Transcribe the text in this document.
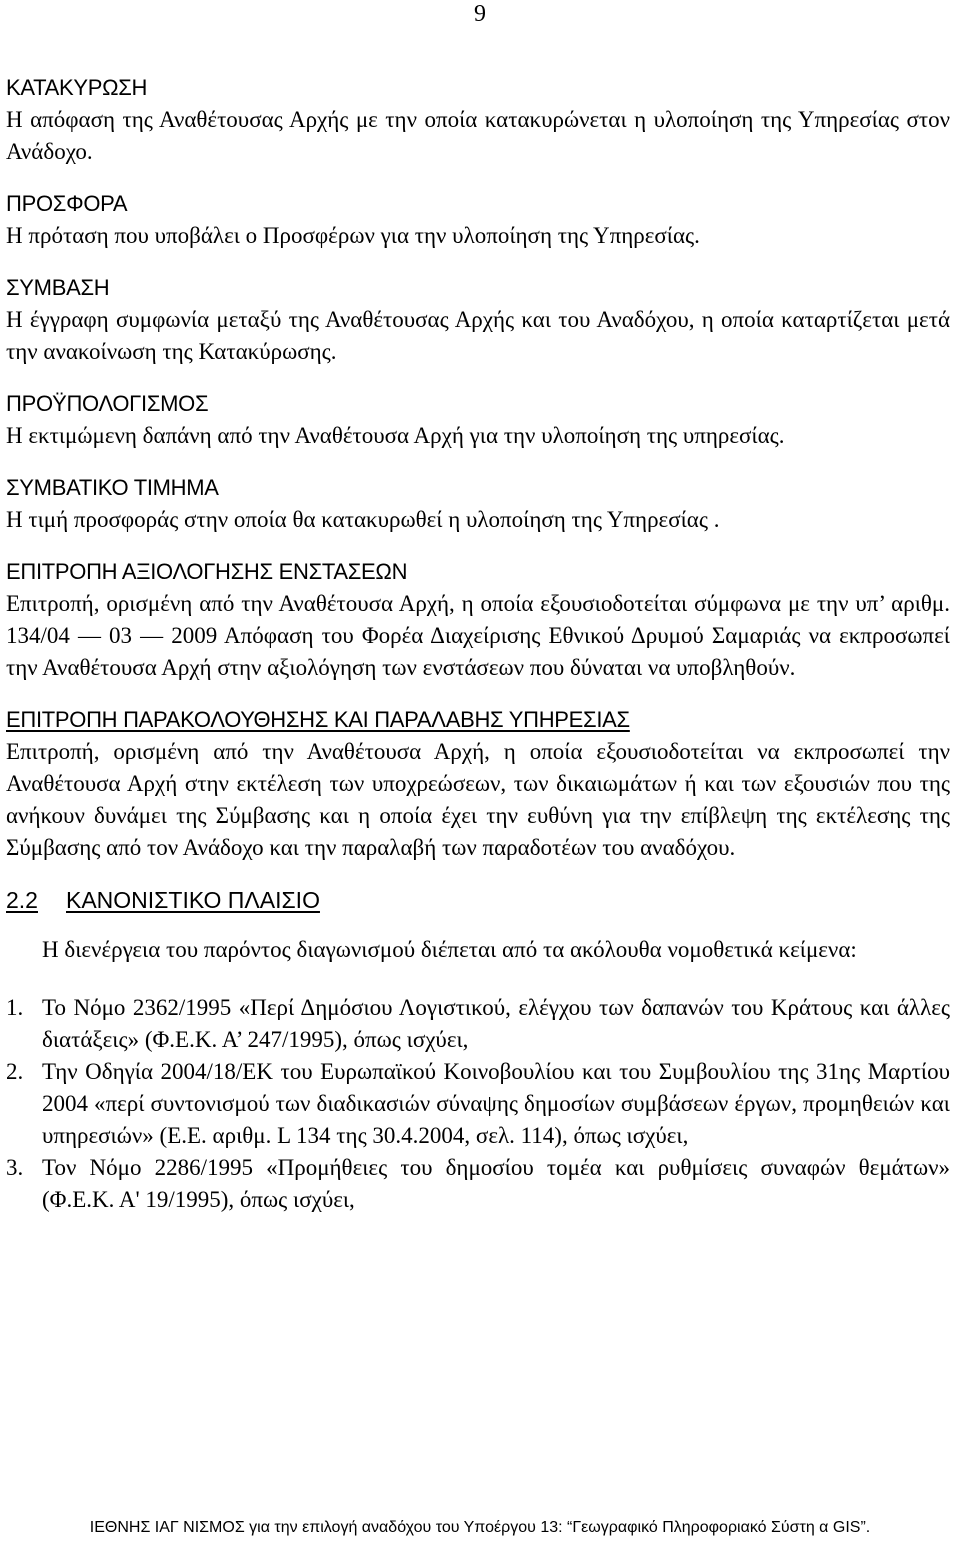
9
ΚΑΤΑΚΥΡΩΣΗ
Η απόφαση της Αναθέτουσας Αρχής με την οποία κατακυρώνεται η υλοποίηση της Υπηρεσίας στον Ανάδοχο.
ΠΡΟΣΦΟΡΑ
Η πρόταση που υποβάλει ο Προσφέρων για την υλοποίηση της Υπηρεσίας.
ΣΥΜΒΑΣΗ
Η έγγραφη συμφωνία μεταξύ της Αναθέτουσας Αρχής και του Αναδόχου, η οποία καταρτίζεται μετά την ανακοίνωση της Κατακύρωσης.
ΠΡΟΫΠΟΛΟΓΙΣΜΟΣ
Η εκτιμώμενη δαπάνη από την Αναθέτουσα Αρχή για την υλοποίηση της υπηρεσίας.
ΣΥΜΒΑΤΙΚΟ ΤΙΜΗΜΑ
Η τιμή προσφοράς στην οποία θα κατακυρωθεί η υλοποίηση της Υπηρεσίας .
ΕΠΙΤΡΟΠΗ ΑΞΙΟΛΟΓΗΣΗΣ ΕΝΣΤΑΣΕΩΝ
Επιτροπή, ορισμένη από την Αναθέτουσα Αρχή, η οποία εξουσιοδοτείται σύμφωνα με την υπ’ αριθμ. 134/04 — 03 — 2009 Απόφαση του Φορέα Διαχείρισης Εθνικού Δρυμού Σαμαριάς να εκπροσωπεί την Αναθέτουσα Αρχή στην αξιολόγηση των ενστάσεων που δύναται να υποβληθούν.
ΕΠΙΤΡΟΠΗ ΠΑΡΑΚΟΛΟΥΘΗΣΗΣ ΚΑΙ ΠΑΡΑΛΑΒΗΣ ΥΠΗΡΕΣΙΑΣ
Επιτροπή, ορισμένη από την Αναθέτουσα Αρχή, η οποία εξουσιοδοτείται να εκπροσωπεί την Αναθέτουσα Αρχή στην εκτέλεση των υποχρεώσεων, των δικαιωμάτων ή και των εξουσιών που της ανήκουν δυνάμει της Σύμβασης και η οποία έχει την ευθύνη για την επίβλεψη της εκτέλεσης της Σύμβασης από τον Ανάδοχο και την παραλαβή των παραδοτέων του αναδόχου.
2.2	ΚΑΝΟΝΙΣΤΙΚΟ ΠΛΑΙΣΙΟ
Η διενέργεια του παρόντος διαγωνισμού διέπεται από τα ακόλουθα νομοθετικά κείμενα:
1. Το Νόμο 2362/1995 «Περί Δημόσιου Λογιστικού, ελέγχου των δαπανών του Κράτους και άλλες διατάξεις» (Φ.Ε.Κ. Α’ 247/1995), όπως ισχύει,
2. Την Οδηγία 2004/18/ΕΚ του Ευρωπαϊκού Κοινοβουλίου και του Συμβουλίου της 31ης Μαρτίου 2004 «περί συντονισμού των διαδικασιών σύναψης δημοσίων συμβάσεων έργων, προμηθειών και υπηρεσιών» (Ε.Ε. αριθμ. L 134 της 30.4.2004, σελ. 114), όπως ισχύει,
3. Τον Νόμο 2286/1995 «Προμήθειες του δημοσίου τομέα και ρυθμίσεις συναφών θεμάτων» (Φ.Ε.Κ. Α' 19/1995), όπως ισχύει,
ΙΕΘΝΗΣ ΙΑΓ ΝΙΣΜΟΣ για την επιλογή αναδόχου του Υποέργου 13: “Γεωγραφικό Πληροφοριακό Σύστη α GIS”.
